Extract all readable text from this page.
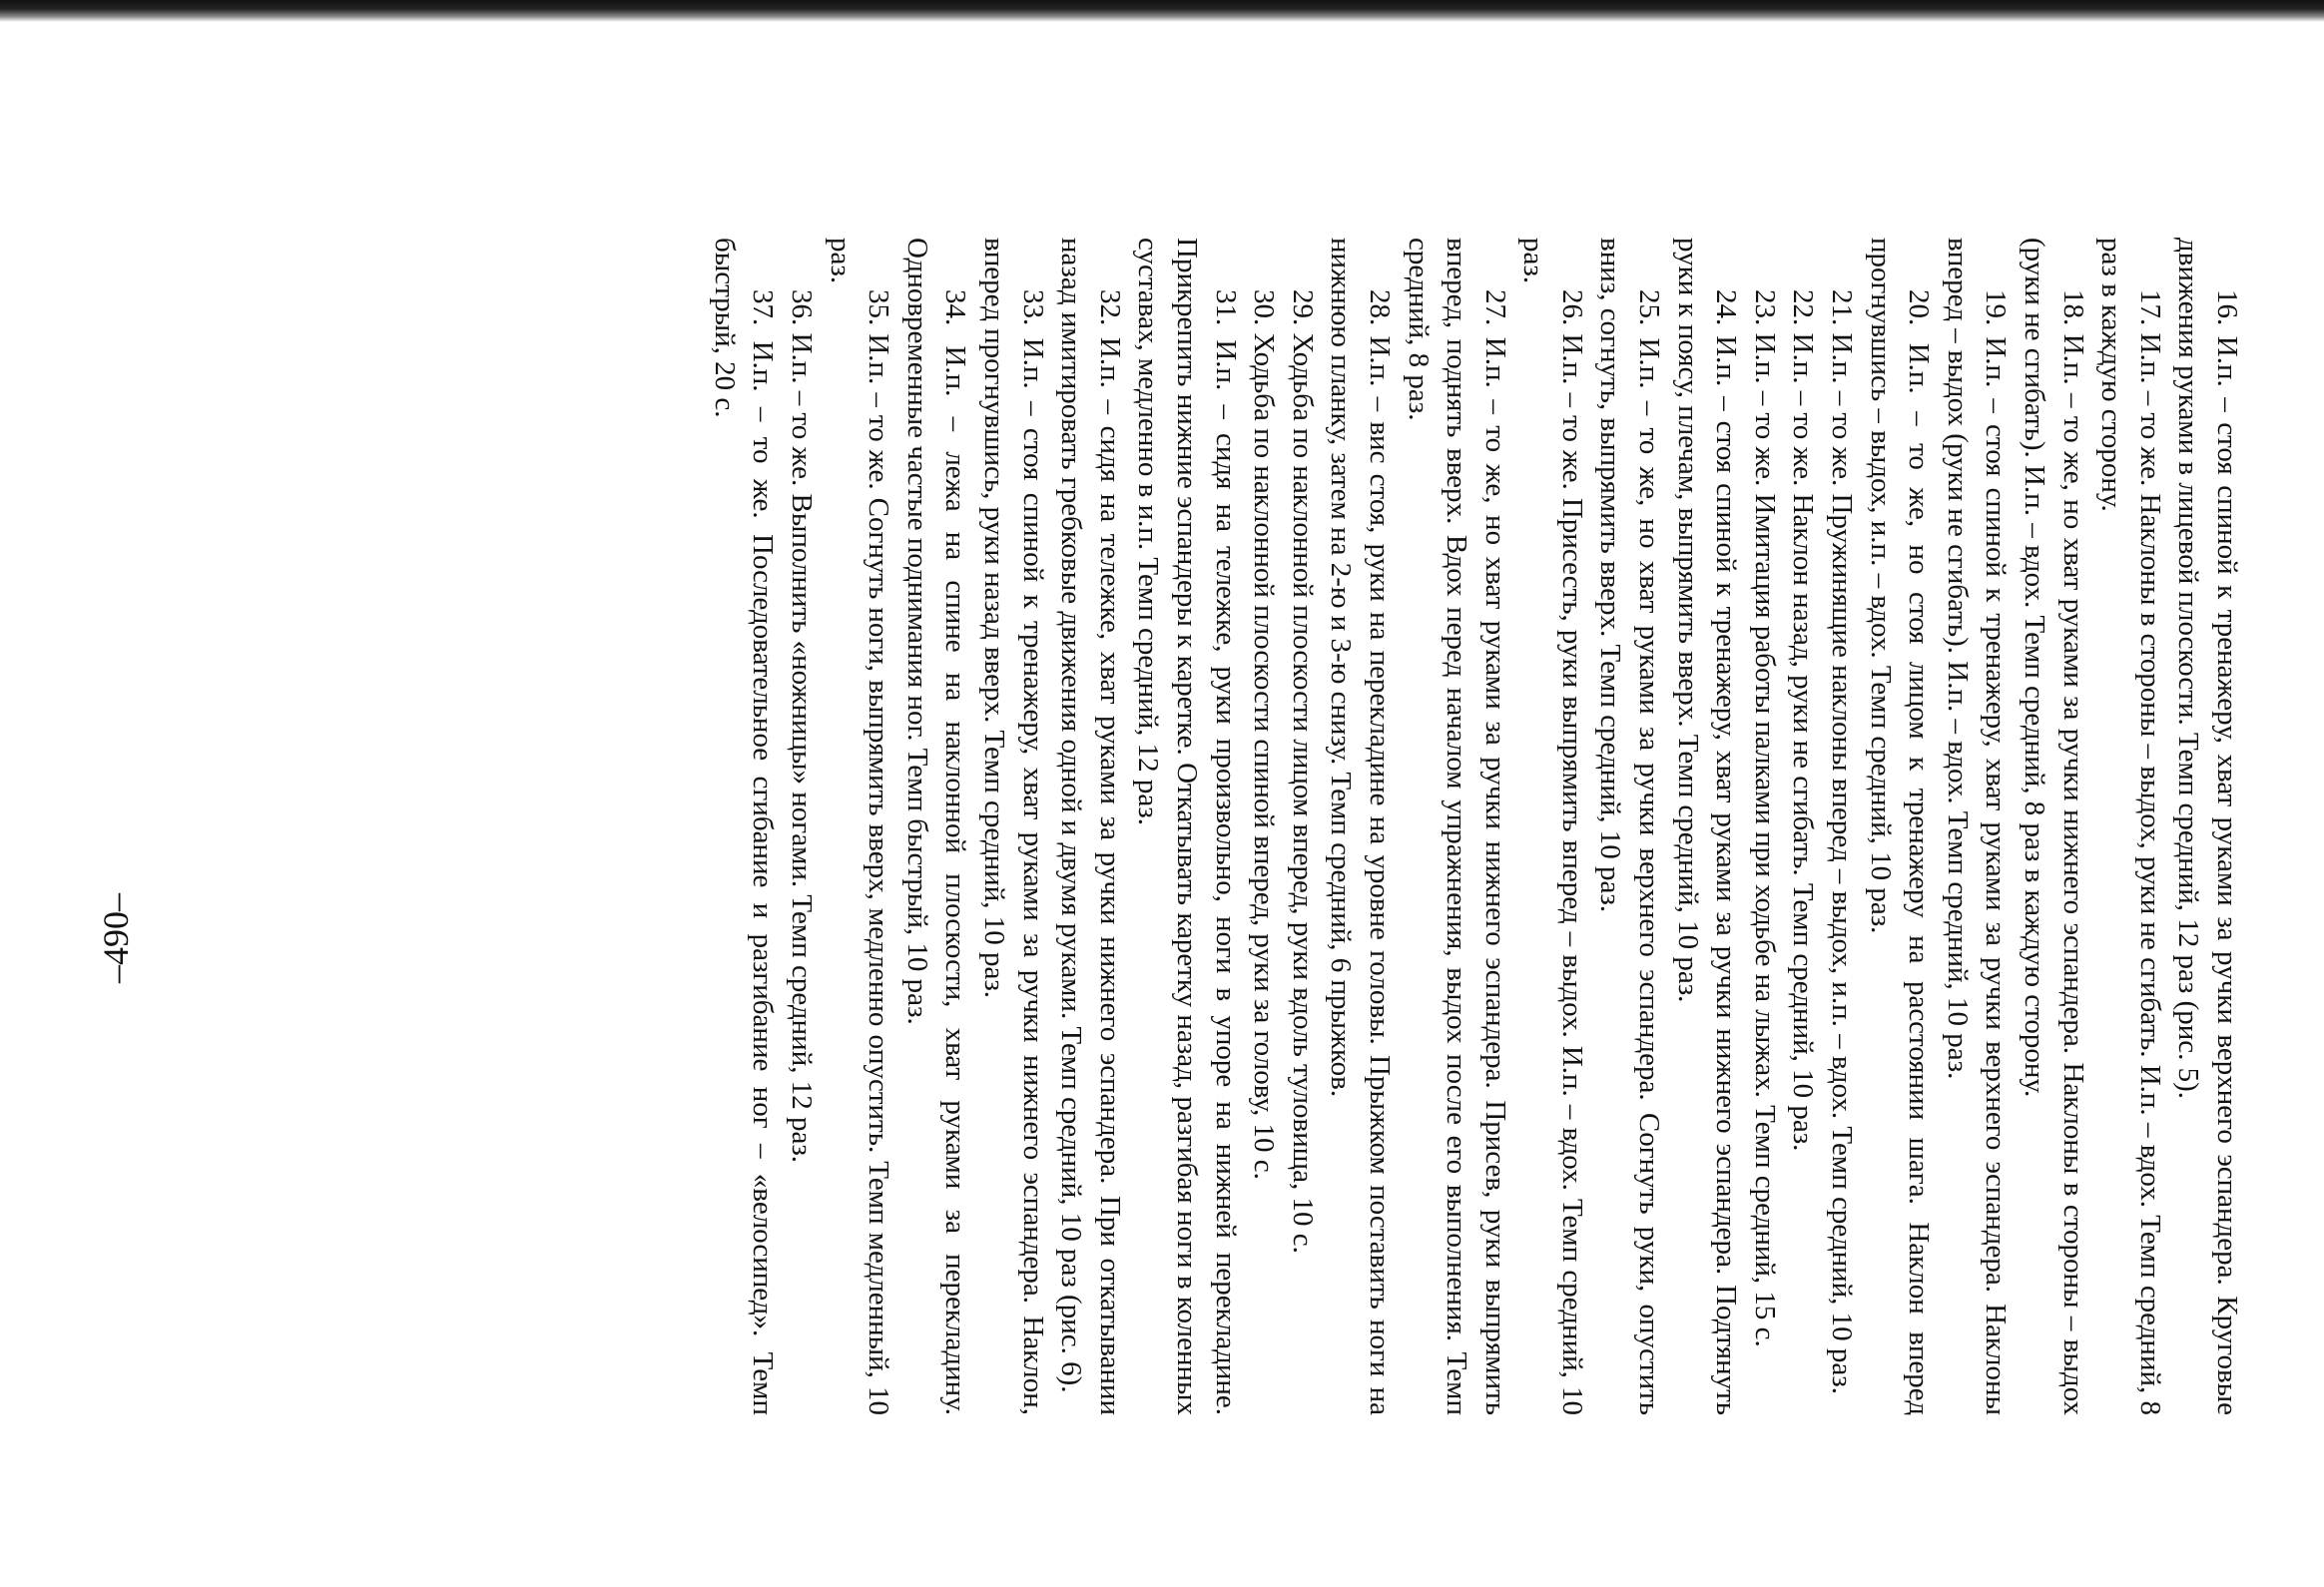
16. И.п. – стоя спиной к тренажеру, хват руками за ручки верхнего эспандера. Круговые движения руками в лицевой плоскости. Темп средний, 12 раз (рис. 5).

17. И.п. – то же. Наклоны в стороны – выдох, руки не сгибать. И.п. – вдох. Темп средний, 8 раз в каждую сторону.

18. И.п. – то же, но хват руками за ручки нижнего эспандера. Наклоны в стороны – выдох (руки не сгибать). И.п. – вдох. Темп средний, 8 раз в каждую сторону.

19. И.п. – стоя спиной к тренажеру, хват руками за ручки верхнего эспандера. Наклоны вперед – выдох (руки не сгибать). И.п. – вдох. Темп средний, 10 раз.

20. И.п. – то же, но стоя лицом к тренажеру на расстоянии шага. Наклон вперед прогнувшись – выдох, и.п. – вдох. Темп средний, 10 раз.

21. И.п. – то же. Пружинящие наклоны вперед – выдох, и.п. – вдох. Темп средний, 10 раз.

22. И.п. – то же. Наклон назад, руки не сгибать. Темп средний, 10 раз.

23. И.п. – то же. Имитация работы палками при ходьбе на лыжах. Темп средний, 15 с.

24. И.п. – стоя спиной к тренажеру, хват руками за ручки нижнего эспандера. Подтянуть руки к поясу, плечам, выпрямить вверх. Темп средний, 10 раз.

25. И.п. – то же, но хват руками за ручки верхнего эспандера. Согнуть руки, опустить вниз, согнуть, выпрямить вверх. Темп средний, 10 раз.

26. И.п. – то же. Присесть, руки выпрямить вперед – выдох. И.п. – вдох. Темп средний, 10 раз.

27. И.п. – то же, но хват руками за ручки нижнего эспандера. Присев, руки выпрямить вперед, поднять вверх. Вдох перед началом упражнения, выдох после его выполнения. Темп средний, 8 раз.

28. И.п. – вис стоя, руки на перекладине на уровне головы. Прыжком поставить ноги на нижнюю планку, затем на 2-ю и 3-ю снизу. Темп средний, 6 прыжков.

29. Ходьба по наклонной плоскости лицом вперед, руки вдоль туловища, 10 с.

30. Ходьба по наклонной плоскости спиной вперед, руки за голову, 10 с.

31. И.п. – сидя на тележке, руки произвольно, ноги в упоре на нижней перекладине. Прикрепить нижние эспандеры к каретке. Откатывать каретку назад, разгибая ноги в коленных суставах, медленно в и.п. Темп средний, 12 раз.

32. И.п. – сидя на тележке, хват руками за ручки нижнего эспандера. При откатывании назад имитировать гребковые движения одной и двумя руками. Темп средний, 10 раз (рис. 6).

33. И.п. – стоя спиной к тренажеру, хват руками за ручки нижнего эспандера. Наклон, вперед прогнувшись, руки назад вверх. Темп средний, 10 раз.

34. И.п. – лежа на спине на наклонной плоскости, хват руками за перекладину. Одновременные частые поднимания ног. Темп быстрый, 10 раз.

35. И.п. – то же. Согнуть ноги, выпрямить вверх, медленно опустить. Темп медленный, 10 раз.

36. И.п. – то же. Выполнить «ножницы» ногами. Темп средний, 12 раз.

37. И.п. – то же. Последовательное сгибание и разгибание ног – «велосипед». Темп быстрый, 20 с.

–490–
